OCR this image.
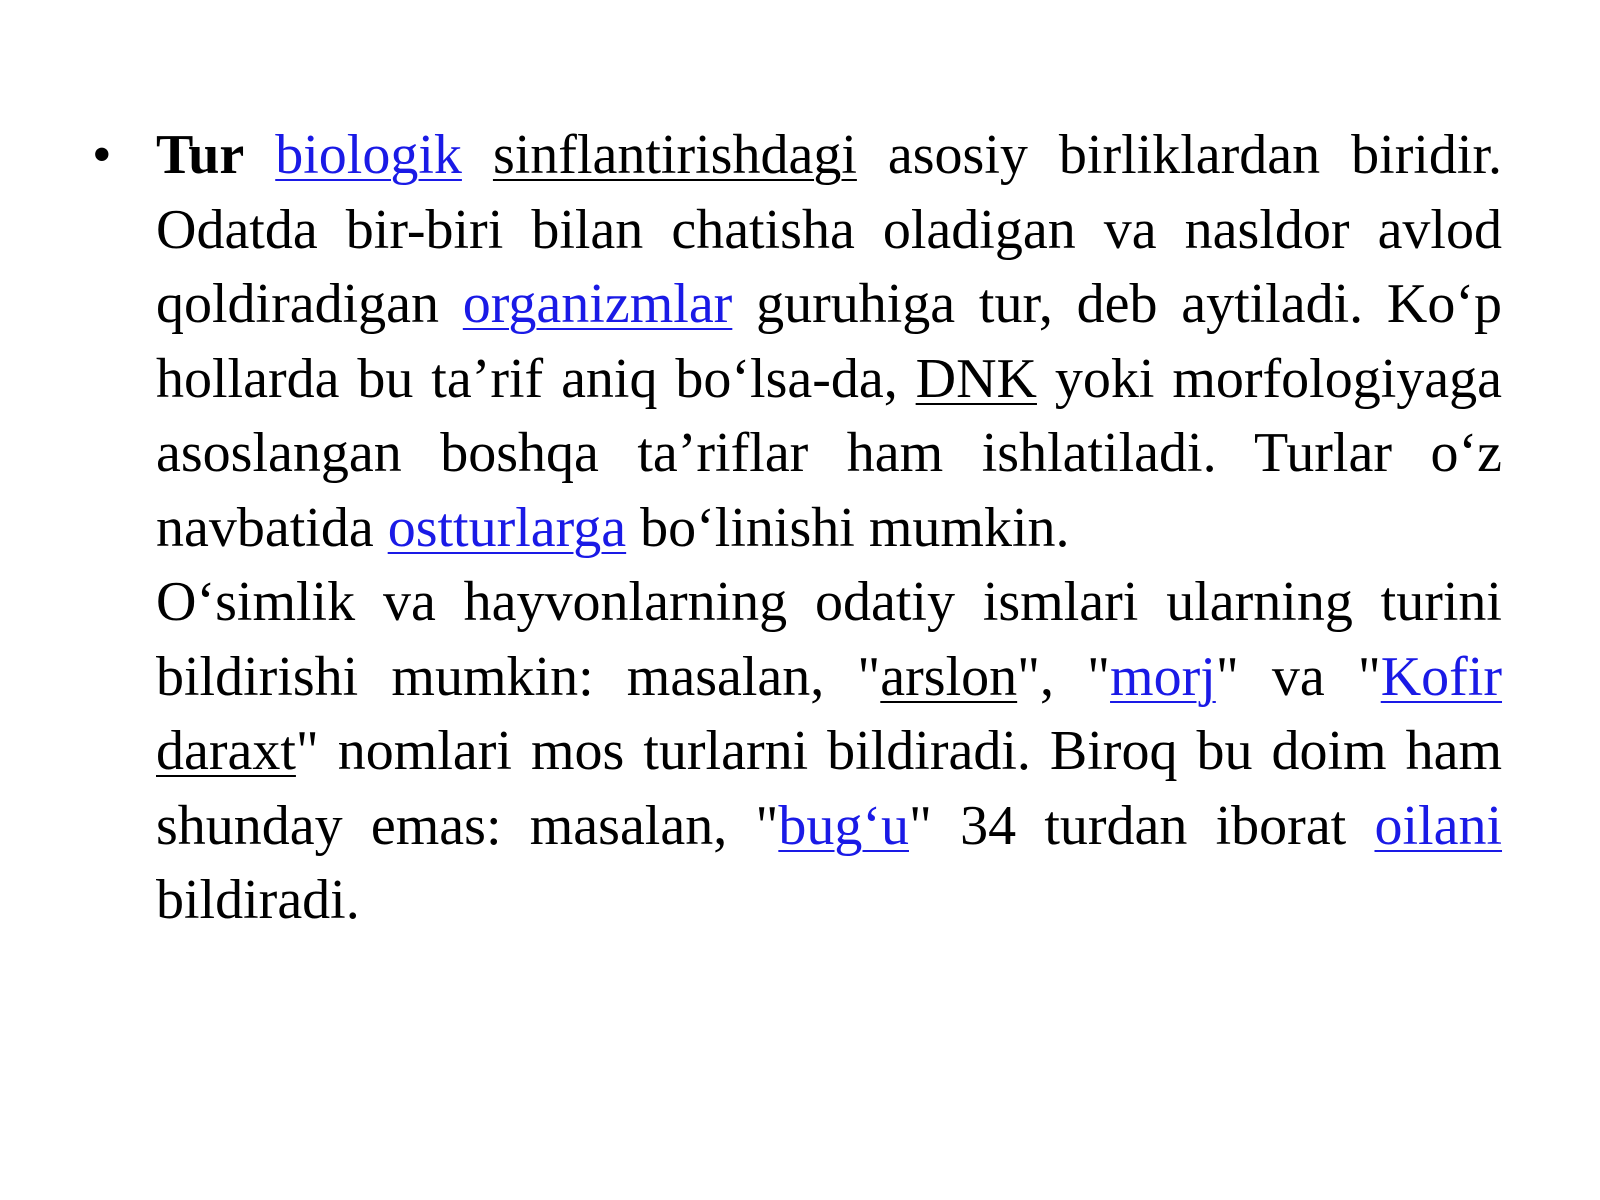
• Tur biologik sinflantirishdagi asosiy birliklardan biridir. Odatda bir-biri bilan chatisha oladigan va nasldor avlod qoldiradigan organizmlar guruhiga tur, deb aytiladi. Ko‘p hollarda bu ta’rif aniq bo‘lsa-da, DNK yoki morfologiyaga asoslangan boshqa ta’riflar ham ishlatiladi. Turlar o‘z navbatida ostturlarga bo‘linishi mumkin.
O‘simlik va hayvonlarning odatiy ismlari ularning turini bildirishi mumkin: masalan, "arslon", "morj" va "Kofir daraxt" nomlari mos turlarni bildiradi. Biroq bu doim ham shunday emas: masalan, "bug‘u" 34 turdan iborat oilani bildiradi.
